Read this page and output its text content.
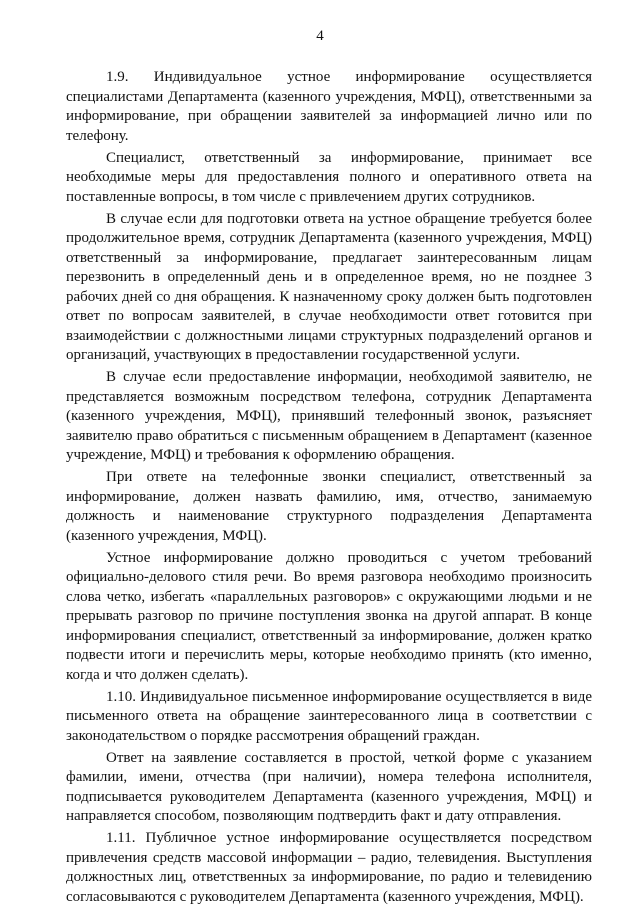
4

1.9. Индивидуальное устное информирование осуществляется специалистами Департамента (казенного учреждения, МФЦ), ответственными за информирование, при обращении заявителей за информацией лично или по телефону.

Специалист, ответственный за информирование, принимает все необходимые меры для предоставления полного и оперативного ответа на поставленные вопросы, в том числе с привлечением других сотрудников.

В случае если для подготовки ответа на устное обращение требуется более продолжительное время, сотрудник Департамента (казенного учреждения, МФЦ) ответственный за информирование, предлагает заинтересованным лицам перезвонить в определенный день и в определенное время, но не позднее 3 рабочих дней со дня обращения. К назначенному сроку должен быть подготовлен ответ по вопросам заявителей, в случае необходимости ответ готовится при взаимодействии с должностными лицами структурных подразделений органов и организаций, участвующих в предоставлении государственной услуги.

В случае если предоставление информации, необходимой заявителю, не представляется возможным посредством телефона, сотрудник Департамента (казенного учреждения, МФЦ), принявший телефонный звонок, разъясняет заявителю право обратиться с письменным обращением в Департамент (казенное учреждение, МФЦ) и требования к оформлению обращения.

При ответе на телефонные звонки специалист, ответственный за информирование, должен назвать фамилию, имя, отчество, занимаемую должность и наименование структурного подразделения Департамента (казенного учреждения, МФЦ).

Устное информирование должно проводиться с учетом требований официально-делового стиля речи. Во время разговора необходимо произносить слова четко, избегать «параллельных разговоров» с окружающими людьми и не прерывать разговор по причине поступления звонка на другой аппарат. В конце информирования специалист, ответственный за информирование, должен кратко подвести итоги и перечислить меры, которые необходимо принять (кто именно, когда и что должен сделать).

1.10. Индивидуальное письменное информирование осуществляется в виде письменного ответа на обращение заинтересованного лица в соответствии с законодательством о порядке рассмотрения обращений граждан.

Ответ на заявление составляется в простой, четкой форме с указанием фамилии, имени, отчества (при наличии), номера телефона исполнителя, подписывается руководителем Департамента (казенного учреждения, МФЦ) и направляется способом, позволяющим подтвердить факт и дату отправления.

1.11. Публичное устное информирование осуществляется посредством привлечения средств массовой информации – радио, телевидения. Выступления должностных лиц, ответственных за информирование, по радио и телевидению согласовываются с руководителем Департамента (казенного учреждения, МФЦ).
